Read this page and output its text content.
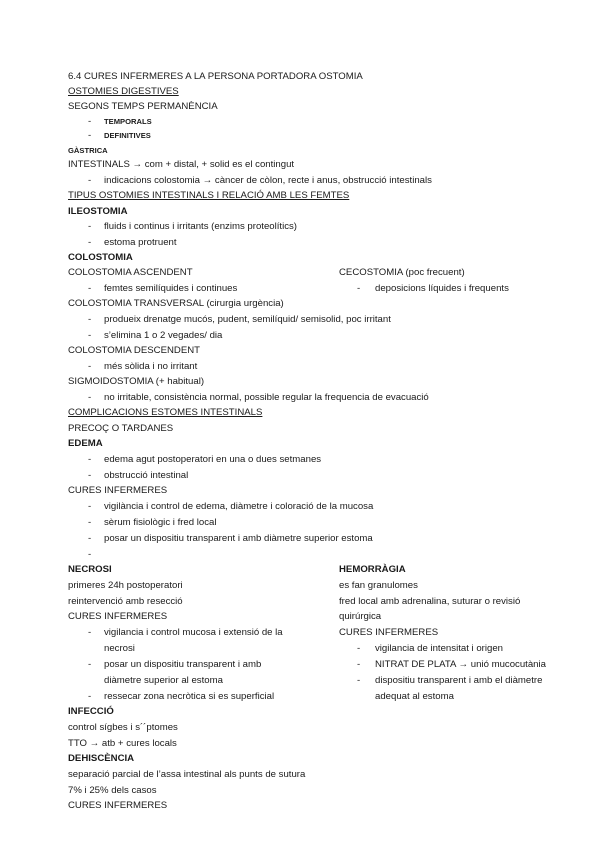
6.4 CURES INFERMERES A LA PERSONA PORTADORA OSTOMIA
OSTOMIES DIGESTIVES
SEGONS TEMPS PERMANÈNCIA
- TEMPORALS
- DEFINITIVES
GÀSTRICA
INTESTINALS → com + distal, + solid es el contingut
- indicacions colostomia → càncer de còlon, recte i anus, obstrucció intestinals
TIPUS OSTOMIES INTESTINALS I RELACIÓ AMB LES FEMTES
ILEOSTOMIA
- fluids i continus i irritants (enzims proteolítics)
- estoma protruent
COLOSTOMIA
COLOSTOMIA ASCENDENT
- femtes semilíquides i continues
CECOSTOMIA (poc frecuent)
- deposicions líquides i frequents
COLOSTOMIA TRANSVERSAL (cirurgia urgència)
- produeix drenatge mucós, pudent, semilíquid/ semisolid, poc irritant
- s’elimina 1 o 2 vegades/ dia
COLOSTOMIA DESCENDENT
- més sòlida i no irritant
SIGMOIDOSTOMIA (+ habitual)
- no irritable, consistència normal, possible regular la frequencia de evacuació
COMPLICACIONS ESTOMES INTESTINALS
PRECOÇ O TARDANES
EDEMA
- edema agut postoperatori en una o dues setmanes
- obstrucció intestinal
CURES INFERMERES
- vigilància i control de edema, diàmetre i coloració de la mucosa
- sèrum fisiològic i fred local
- posar un dispositiu transparent i amb diàmetre superior estoma
-
NECROSI
primeres 24h postoperatori
reintervenció amb resecció
CURES INFERMERES
- vigilancia i control mucosa i extensió de la
necrosi
- posar un dispositiu transparent i amb
diàmetre superior al estoma
- ressecar zona necròtica si es superficial
HEMORRÀGIA
es fan granulomes
fred local amb adrenalina, suturar o revisió
quirúrgica
CURES INFERMERES
- vigilancia de intensitat i origen
- NITRAT DE PLATA → unió mucocutània
- dispositiu transparent i amb el diàmetre
adequat al estoma
INFECCIÓ
control sígbes i s´´ptomes
TTO → atb + cures locals
DEHISCÈNCIA
separació parcial de l’assa intestinal als punts de sutura
7% i 25% dels casos
CURES INFERMERES
